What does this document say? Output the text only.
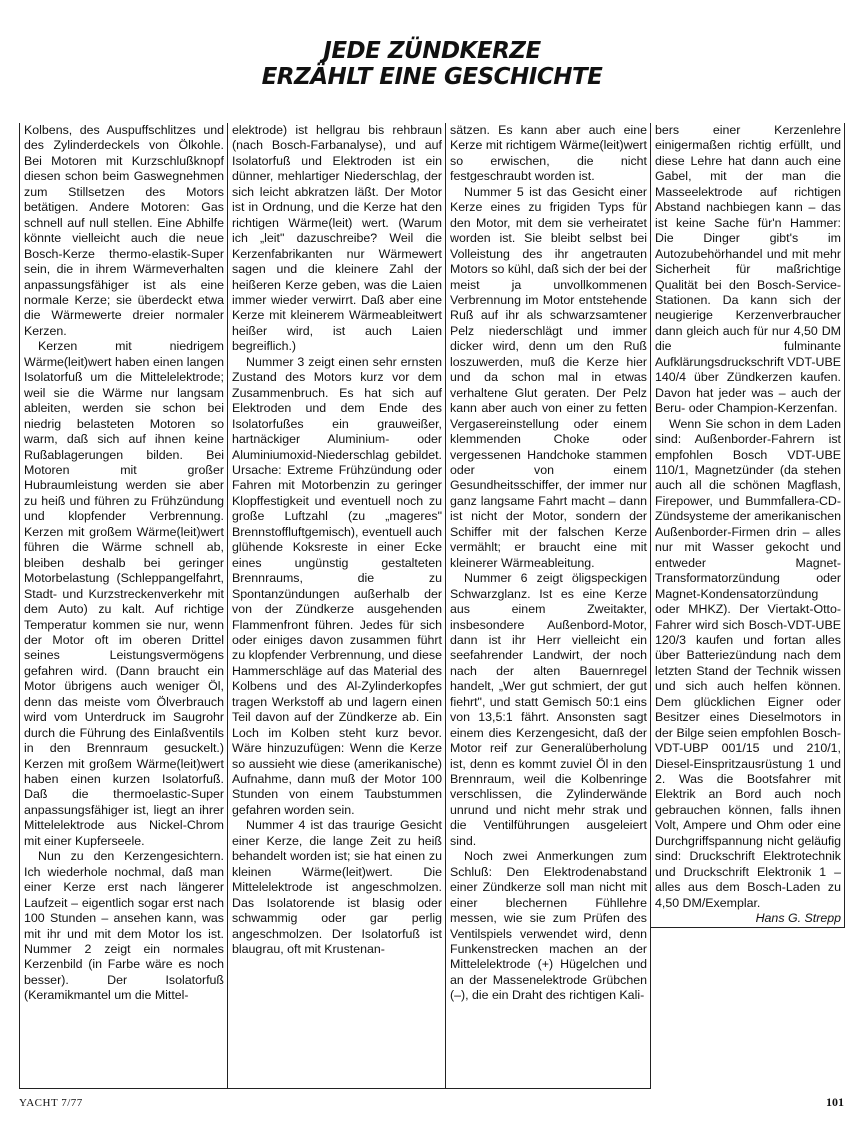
JEDE ZÜNDKERZE
ERZÄHLT EINE GESCHICHTE

Kolbens, des Auspuffschlitzes und des Zylinderdeckels von Ölkohle. Bei Motoren mit Kurzschlußknopf diesen schon beim Gaswegnehmen zum Stillsetzen des Motors betätigen. Andere Motoren: Gas schnell auf null stellen. Eine Abhilfe könnte vielleicht auch die neue Bosch-Kerze thermo-elastik-Super sein, die in ihrem Wärmeverhalten anpassungsfähiger ist als eine normale Kerze; sie überdeckt etwa die Wärmewerte dreier normaler Kerzen.

Kerzen mit niedrigem Wärme(leit)wert haben einen langen Isolatorfuß um die Mittelelektrode; weil sie die Wärme nur langsam ableiten, werden sie schon bei niedrig belasteten Motoren so warm, daß sich auf ihnen keine Rußablagerungen bilden. Bei Motoren mit großer Hubraumleistung werden sie aber zu heiß und führen zu Frühzündung und klopfender Verbrennung. Kerzen mit großem Wärme(leit)wert führen die Wärme schnell ab, bleiben deshalb bei geringer Motorbelastung (Schleppangelfahrt, Stadt- und Kurzstreckenverkehr mit dem Auto) zu kalt. Auf richtige Temperatur kommen sie nur, wenn der Motor oft im oberen Drittel seines Leistungsvermögens gefahren wird. (Dann braucht ein Motor übrigens auch weniger Öl, denn das meiste vom Ölverbrauch wird vom Unterdruck im Saugrohr durch die Führung des Einlaßventils in den Brennraum gesuckelt.) Kerzen mit großem Wärme(leit)wert haben einen kurzen Isolatorfuß. Daß die thermoelastic-Super anpassungsfähiger ist, liegt an ihrer Mittelelektrode aus Nickel-Chrom mit einer Kupferseele.

Nun zu den Kerzengesichtern. Ich wiederhole nochmal, daß man einer Kerze erst nach längerer Laufzeit – eigentlich sogar erst nach 100 Stunden – ansehen kann, was mit ihr und mit dem Motor los ist. Nummer 2 zeigt ein normales Kerzenbild (in Farbe wäre es noch besser). Der Isolatorfuß (Keramikmantel um die Mittel-

elektrode) ist hellgrau bis rehbraun (nach Bosch-Farbanalyse), und auf Isolatorfuß und Elektroden ist ein dünner, mehlartiger Niederschlag, der sich leicht abkratzen läßt. Der Motor ist in Ordnung, und die Kerze hat den richtigen Wärme(leit) wert. (Warum ich „leit" dazuschreibe? Weil die Kerzenfabrikanten nur Wärmewert sagen und die kleinere Zahl der heißeren Kerze geben, was die Laien immer wieder verwirrt. Daß aber eine Kerze mit kleinerem Wärmeableitwert heißer wird, ist auch Laien begreiflich.)

Nummer 3 zeigt einen sehr ernsten Zustand des Motors kurz vor dem Zusammenbruch. Es hat sich auf Elektroden und dem Ende des Isolatorfußes ein grauweißer, hartnäckiger Aluminium- oder Aluminiumoxid-Niederschlag gebildet. Ursache: Extreme Frühzündung oder Fahren mit Motorbenzin zu geringer Klopffestigkeit und eventuell noch zu große Luftzahl (zu „mageres" Brennstoffluftgemisch), eventuell auch glühende Koksreste in einer Ecke eines ungünstig gestalteten Brennraums, die zu Spontanzündungen außerhalb der von der Zündkerze ausgehenden Flammenfront führen. Jedes für sich oder einiges davon zusammen führt zu klopfender Verbrennung, und diese Hammerschläge auf das Material des Kolbens und des Al-Zylinderkopfes tragen Werkstoff ab und lagern einen Teil davon auf der Zündkerze ab. Ein Loch im Kolben steht kurz bevor. Wäre hinzuzufügen: Wenn die Kerze so aussieht wie diese (amerikanische) Aufnahme, dann muß der Motor 100 Stunden von einem Taubstummen gefahren worden sein.

Nummer 4 ist das traurige Gesicht einer Kerze, die lange Zeit zu heiß behandelt worden ist; sie hat einen zu kleinen Wärme(leit)wert. Die Mittelelektrode ist angeschmolzen. Das Isolatorende ist blasig oder schwammig oder gar perlig angeschmolzen. Der Isolatorfuß ist blaugrau, oft mit Krustenan-

sätzen. Es kann aber auch eine Kerze mit richtigem Wärme(leit)wert so erwischen, die nicht festgeschraubt worden ist.

Nummer 5 ist das Gesicht einer Kerze eines zu frigiden Typs für den Motor, mit dem sie verheiratet worden ist. Sie bleibt selbst bei Volleistung des ihr angetrauten Motors so kühl, daß sich der bei der meist ja unvollkommenen Verbrennung im Motor entstehende Ruß auf ihr als schwarzsamtener Pelz niederschlägt und immer dicker wird, denn um den Ruß loszuwerden, muß die Kerze hier und da schon mal in etwas verhaltene Glut geraten. Der Pelz kann aber auch von einer zu fetten Vergasereinstellung oder einem klemmenden Choke oder vergessenen Handchoke stammen oder von einem Gesundheitsschiffer, der immer nur ganz langsame Fahrt macht – dann ist nicht der Motor, sondern der Schiffer mit der falschen Kerze vermählt; er braucht eine mit kleinerer Wärmeableitung.

Nummer 6 zeigt öligspeckigen Schwarzglanz. Ist es eine Kerze aus einem Zweitakter, insbesondere Außenbord-Motor, dann ist ihr Herr vielleicht ein seefahrender Landwirt, der noch nach der alten Bauernregel handelt, „Wer gut schmiert, der gut fiehrt", und statt Gemisch 50:1 eins von 13,5:1 fährt. Ansonsten sagt einem dies Kerzengesicht, daß der Motor reif zur Generalüberholung ist, denn es kommt zuviel Öl in den Brennraum, weil die Kolbenringe verschlissen, die Zylinderwände unrund und nicht mehr strak und die Ventilführungen ausgeleiert sind.

Noch zwei Anmerkungen zum Schluß: Den Elektrodenabstand einer Zündkerze soll man nicht mit einer blechernen Fühllehre messen, wie sie zum Prüfen des Ventilspiels verwendet wird, denn Funkenstrecken machen an der Mittelelektrode (+) Hügelchen und an der Massenelektrode Grübchen (–), die ein Draht des richtigen Kali-

bers einer Kerzenlehre einigermaßen richtig erfüllt, und diese Lehre hat dann auch eine Gabel, mit der man die Masseelektrode auf richtigen Abstand nachbiegen kann – das ist keine Sache für'n Hammer: Die Dinger gibt's im Autozubehörhandel und mit mehr Sicherheit für maßrichtige Qualität bei den Bosch-Service-Stationen. Da kann sich der neugierige Kerzenverbraucher dann gleich auch für nur 4,50 DM die fulminante Aufklärungsdruckschrift VDT-UBE 140/4 über Zündkerzen kaufen. Davon hat jeder was – auch der Beru- oder Champion-Kerzenfan.

Wenn Sie schon in dem Laden sind: Außenborder-Fahrern ist empfohlen Bosch VDT-UBE 110/1, Magnetzünder (da stehen auch all die schönen Magflash, Firepower, und Bummfallera-CD-Zündsysteme der amerikanischen Außenborder-Firmen drin – alles nur mit Wasser gekocht und entweder Magnet-Transformatorzündung oder Magnet-Kondensatorzündung oder MHKZ). Der Viertakt-Otto-Fahrer wird sich Bosch-VDT-UBE 120/3 kaufen und fortan alles über Batteriezündung nach dem letzten Stand der Technik wissen und sich auch helfen können. Dem glücklichen Eigner oder Besitzer eines Dieselmotors in der Bilge seien empfohlen Bosch-VDT-UBP 001/15 und 210/1, Diesel-Einspritzausrüstung 1 und 2. Was die Bootsfahrer mit Elektrik an Bord auch noch gebrauchen können, falls ihnen Volt, Ampere und Ohm oder eine Durchgriffspannung nicht geläufig sind: Druckschrift Elektrotechnik und Druckschrift Elektronik 1 – alles aus dem Bosch-Laden zu 4,50 DM/Exemplar.

Hans G. Strepp

YACHT 7/77	101
